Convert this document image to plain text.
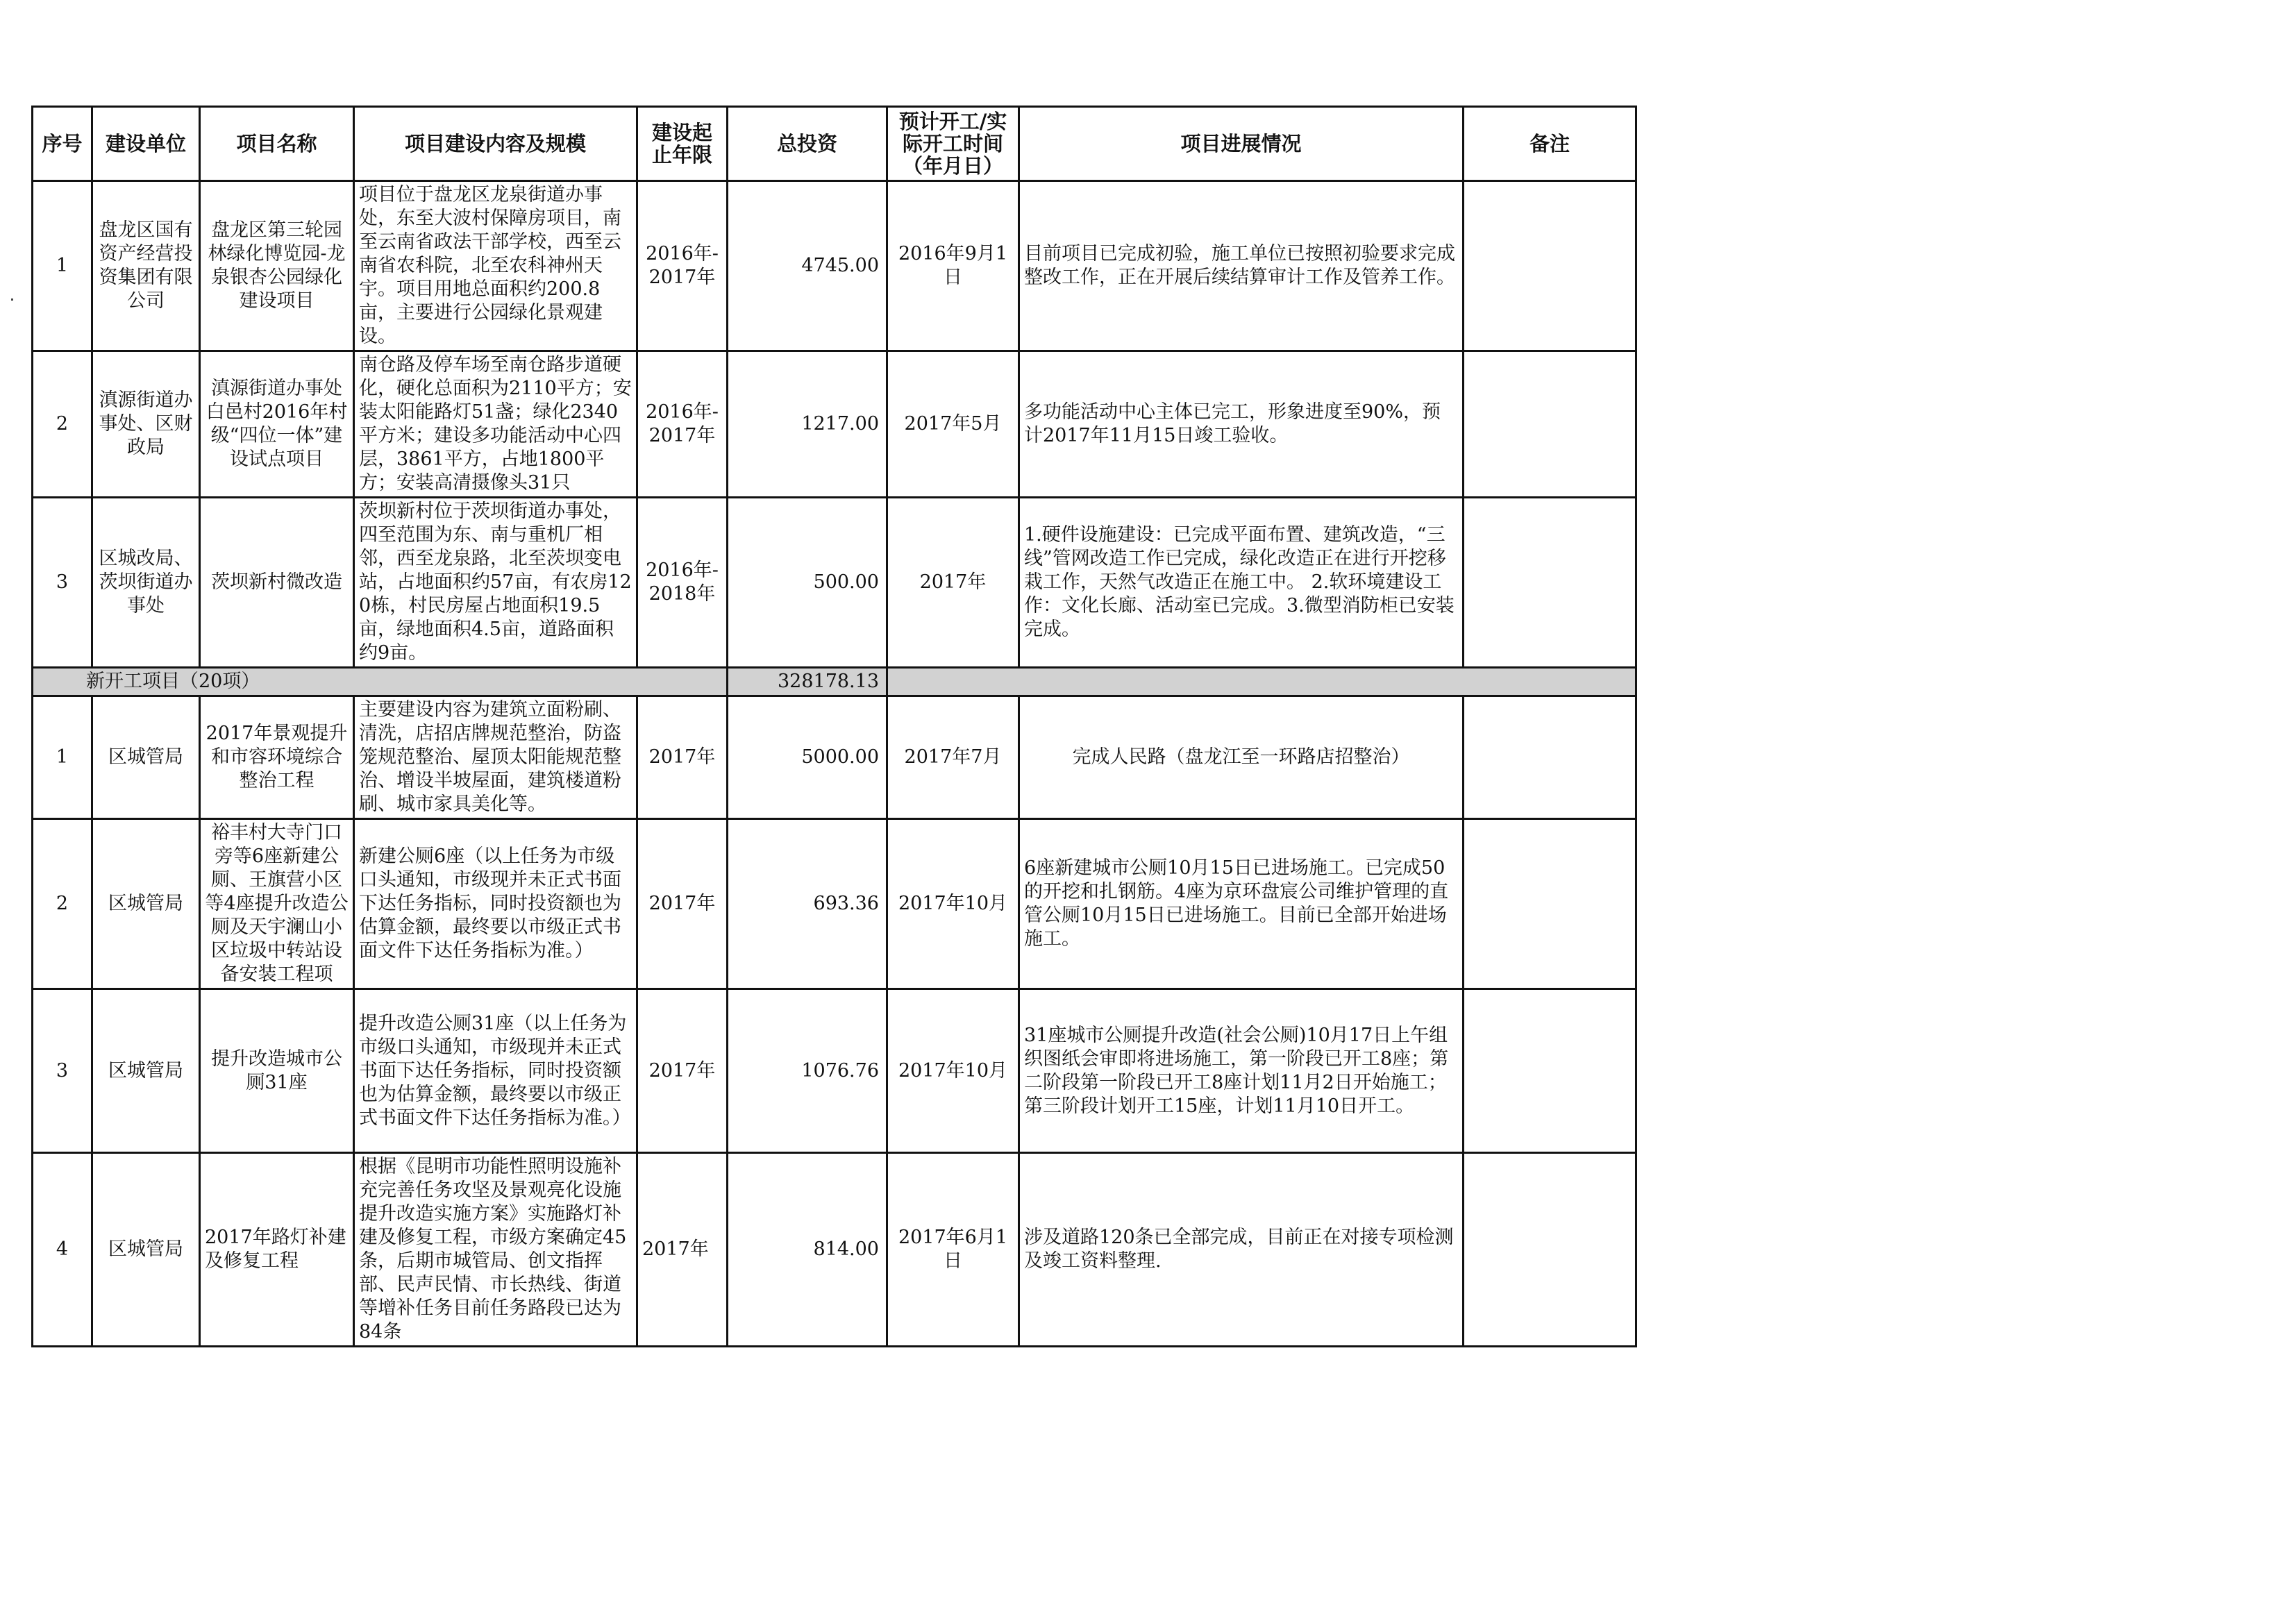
序号	建设单位	项目名称	项目建设内容及规模	建设起止年限	总投资	预计开工/实际开工时间（年月日）	项目进展情况	备注
1	盘龙区国有资产经营投资集团有限公司	盘龙区第三轮园林绿化博览园-龙泉银杏公园绿化建设项目	项目位于盘龙区龙泉街道办事处，东至大波村保障房项目，南至云南省政法干部学校，西至云南省农科院，北至农科神州天宇。项目用地总面积约200.8亩，主要进行公园绿化景观建设。	2016年-2017年	4745.00	2016年9月1日	目前项目已完成初验，施工单位已按照初验要求完成整改工作，正在开展后续结算审计工作及管养工作。	
2	滇源街道办事处、区财政局	滇源街道办事处白邑村2016年村级“四位一体”建设试点项目	南仓路及停车场至南仓路步道硬化，硬化总面积为2110平方；安装太阳能路灯51盏；绿化2340平方米；建设多功能活动中心四层，3861平方，占地1800平方；安装高清摄像头31只	2016年-2017年	1217.00	2017年5月	多功能活动中心主体已完工，形象进度至90%，预计2017年11月15日竣工验收。	
3	区城改局、茨坝街道办事处	茨坝新村微改造	茨坝新村位于茨坝街道办事处，四至范围为东、南与重机厂相邻，西至龙泉路，北至茨坝变电站，占地面积约57亩，有农房120栋，村民房屋占地面积19.5亩，绿地面积4.5亩，道路面积约9亩。	2016年-2018年	500.00	2017年	1.硬件设施建设：已完成平面布置、建筑改造，“三线”管网改造工作已完成，绿化改造正在进行开挖移栽工作，天然气改造正在施工中。 2.软环境建设工作：文化长廊、活动室已完成。3.微型消防柜已安装完成。	
新开工项目（20项）					328178.13			
1	区城管局	2017年景观提升和市容环境综合整治工程	主要建设内容为建筑立面粉刷、清洗，店招店牌规范整治，防盗笼规范整治、屋顶太阳能规范整治、增设半坡屋面，建筑楼道粉刷、城市家具美化等。	2017年	5000.00	2017年7月	完成人民路（盘龙江至一环路店招整治）	
2	区城管局	裕丰村大寺门口旁等6座新建公厕、王旗营小区等4座提升改造公厕及天宇澜山小区垃圾中转站设备安装工程项	新建公厕6座（以上任务为市级口头通知，市级现并未正式书面下达任务指标，同时投资额也为估算金额，最终要以市级正式书面文件下达任务指标为准。）	2017年	693.36	2017年10月	6座新建城市公厕10月15日已进场施工。已完成50的开挖和扎钢筋。4座为京环盘宸公司维护管理的直管公厕10月15日已进场施工。目前已全部开始进场施工。	
3	区城管局	提升改造城市公厕31座	提升改造公厕31座（以上任务为市级口头通知，市级现并未正式书面下达任务指标，同时投资额也为估算金额，最终要以市级正式书面文件下达任务指标为准。）	2017年	1076.76	2017年10月	31座城市公厕提升改造(社会公厕)10月17日上午组织图纸会审即将进场施工，第一阶段已开工8座；第二阶段第一阶段已开工8座计划11月2日开始施工；第三阶段计划开工15座，计划11月10日开工。	
4	区城管局	2017年路灯补建及修复工程	根据《昆明市功能性照明设施补充完善任务攻坚及景观亮化设施提升改造实施方案》实施路灯补建及修复工程，市级方案确定45条，后期市城管局、创文指挥部、民声民情、市长热线、街道等增补任务目前任务路段已达为84条	2017年	814.00	2017年6月1日	涉及道路120条已全部完成，目前正在对接专项检测及竣工资料整理.	
